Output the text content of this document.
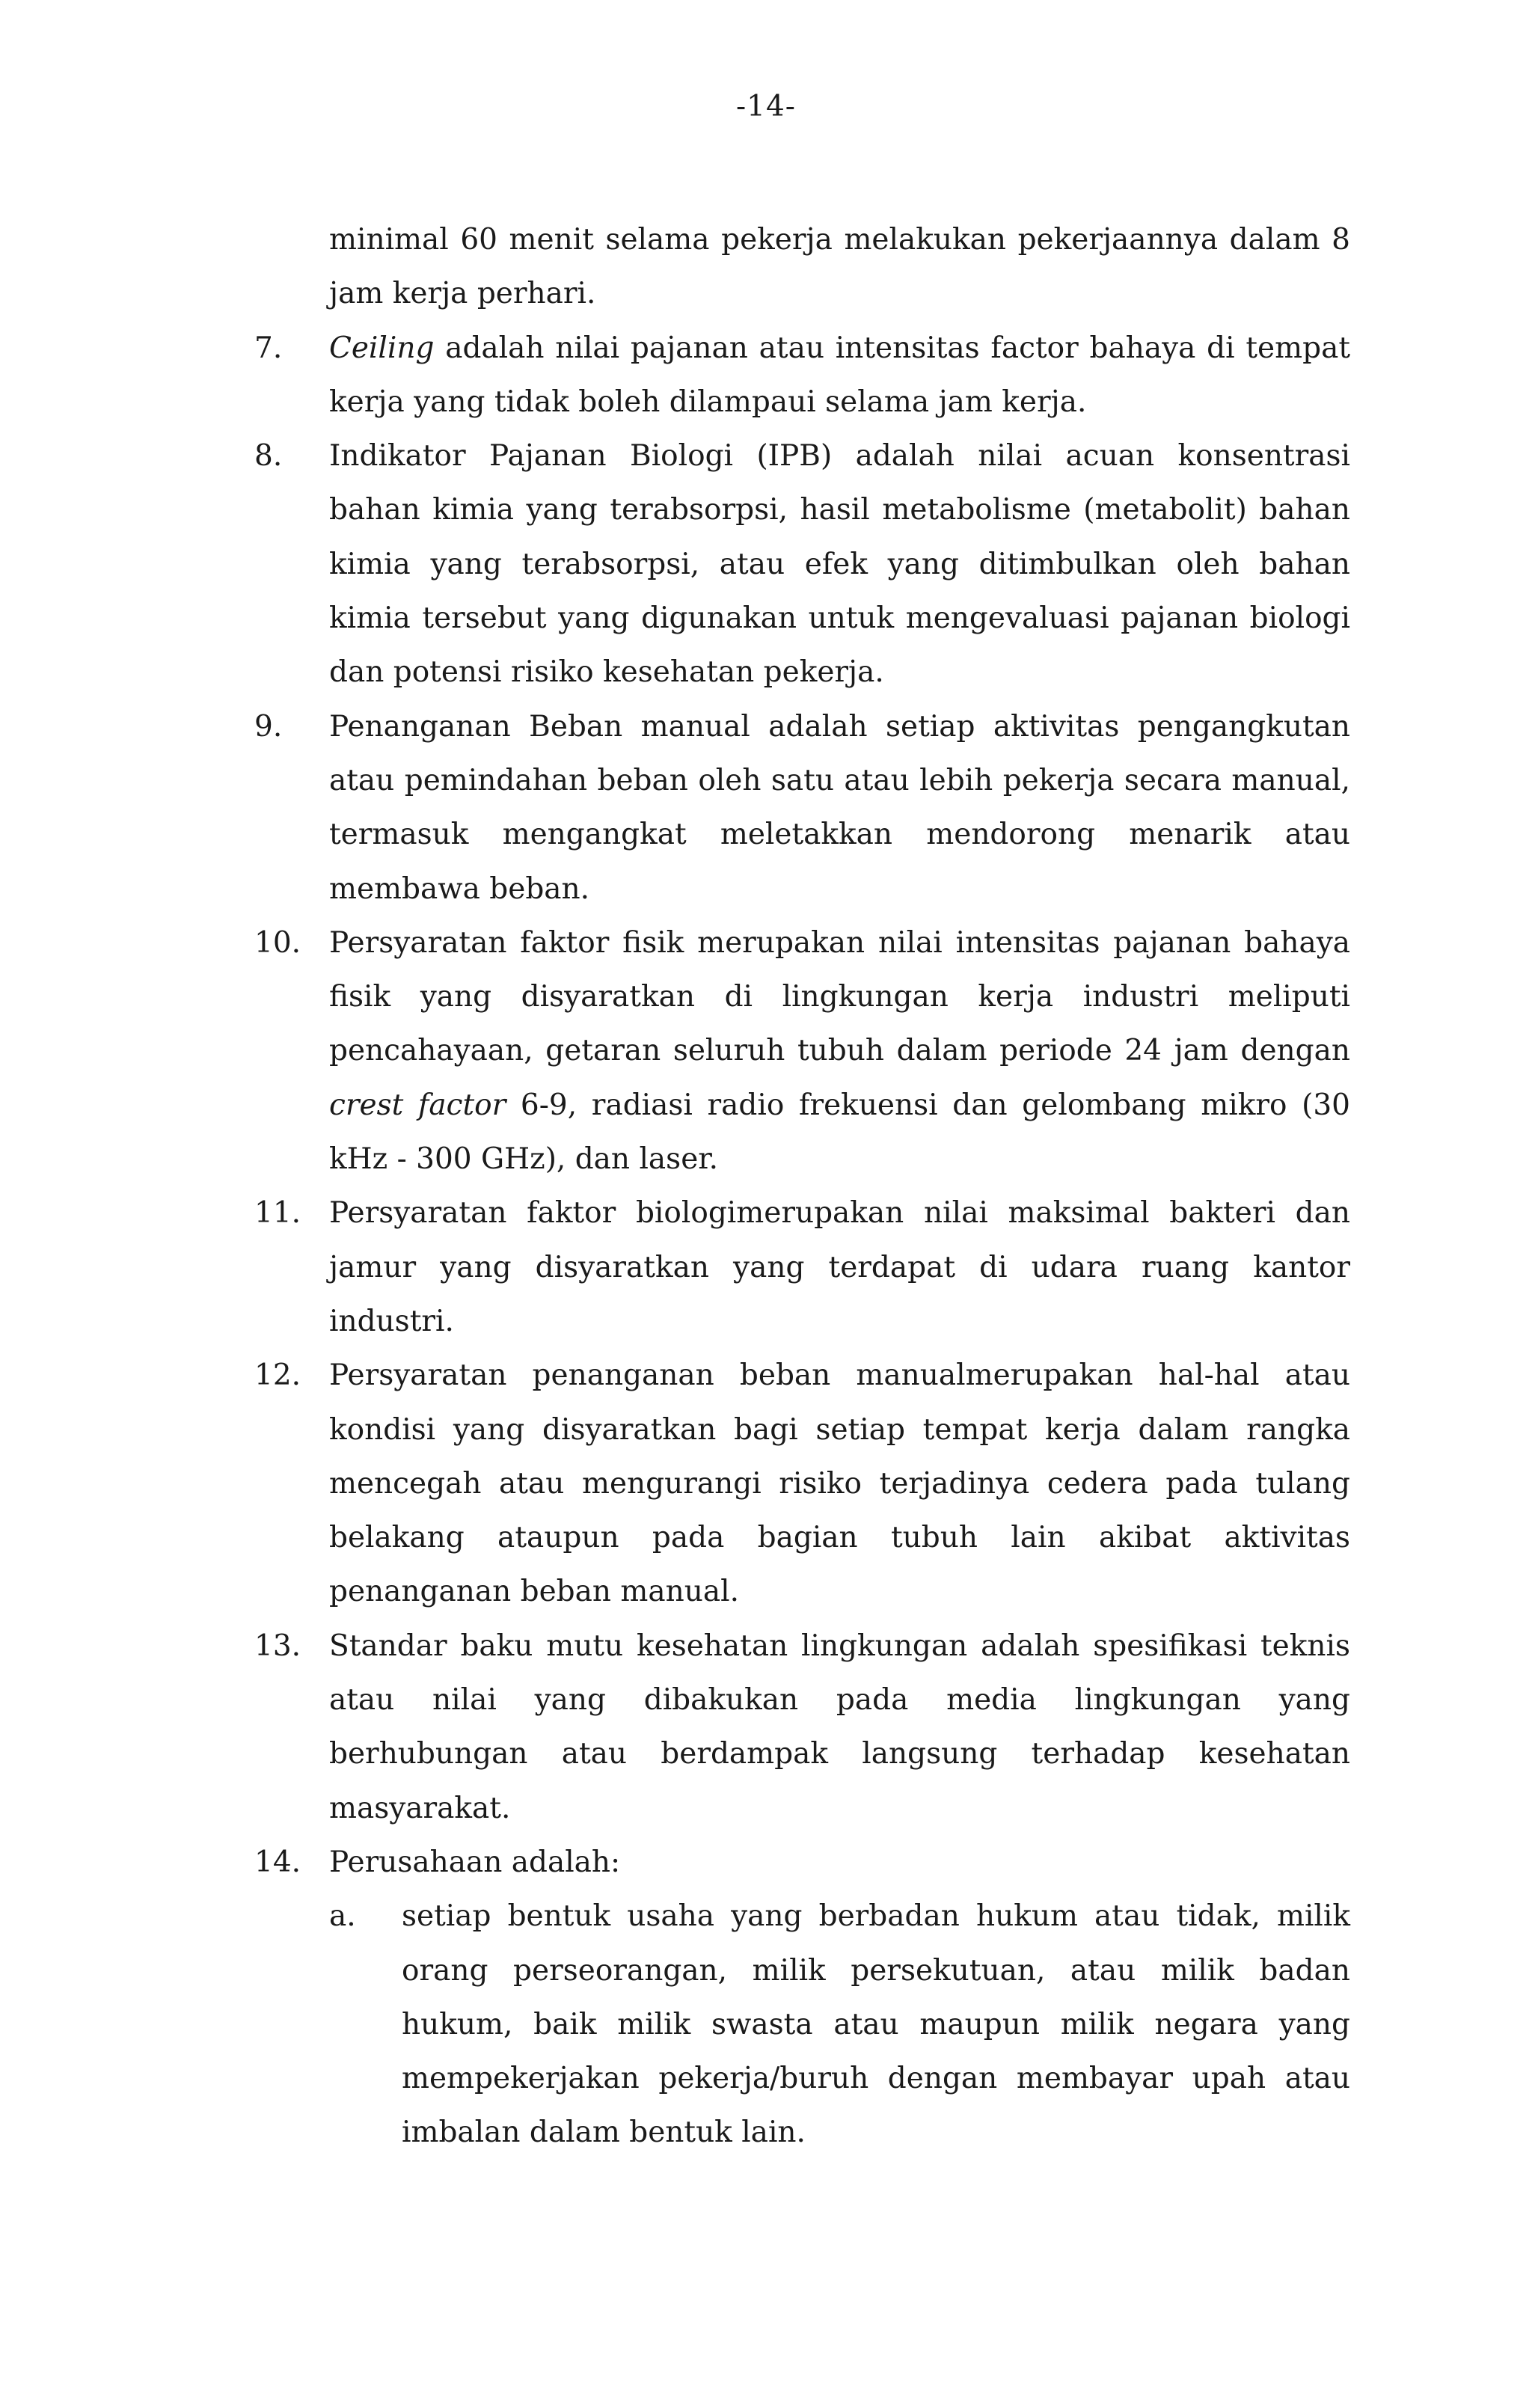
-14-

minimal 60 menit selama pekerja melakukan pekerjaannya dalam 8 jam kerja perhari.

7.	Ceiling adalah nilai pajanan atau intensitas factor bahaya di tempat kerja yang tidak boleh dilampaui selama jam kerja.
8.	Indikator Pajanan Biologi (IPB) adalah nilai acuan konsentrasi bahan kimia yang terabsorpsi, hasil metabolisme (metabolit) bahan kimia yang terabsorpsi, atau efek yang ditimbulkan oleh bahan kimia tersebut yang digunakan untuk mengevaluasi pajanan biologi dan potensi risiko kesehatan pekerja.
9.	Penanganan Beban manual adalah setiap aktivitas pengangkutan atau pemindahan beban oleh satu atau lebih pekerja secara manual, termasuk mengangkat meletakkan mendorong menarik atau membawa beban.
10. Persyaratan faktor fisik merupakan nilai intensitas pajanan bahaya fisik yang disyaratkan di lingkungan kerja industri meliputi pencahayaan, getaran seluruh tubuh dalam periode 24 jam dengan crest factor 6-9, radiasi radio frekuensi dan gelombang mikro (30 kHz - 300 GHz), dan laser.
11. Persyaratan faktor biologimerupakan nilai maksimal bakteri dan jamur yang disyaratkan yang terdapat di udara ruang kantor industri.
12. Persyaratan penanganan beban manualmerupakan hal-hal atau kondisi yang disyaratkan bagi setiap tempat kerja dalam rangka mencegah atau mengurangi risiko terjadinya cedera pada tulang belakang ataupun pada bagian tubuh lain akibat aktivitas penanganan beban manual.
13. Standar baku mutu kesehatan lingkungan adalah spesifikasi teknis atau nilai yang dibakukan pada media lingkungan yang berhubungan atau berdampak langsung terhadap kesehatan masyarakat.
14. Perusahaan adalah:
a.	setiap bentuk usaha yang berbadan hukum atau tidak, milik orang perseorangan, milik persekutuan, atau milik badan hukum, baik milik swasta atau maupun milik negara yang mempekerjakan pekerja/buruh dengan membayar upah atau imbalan dalam bentuk lain.
